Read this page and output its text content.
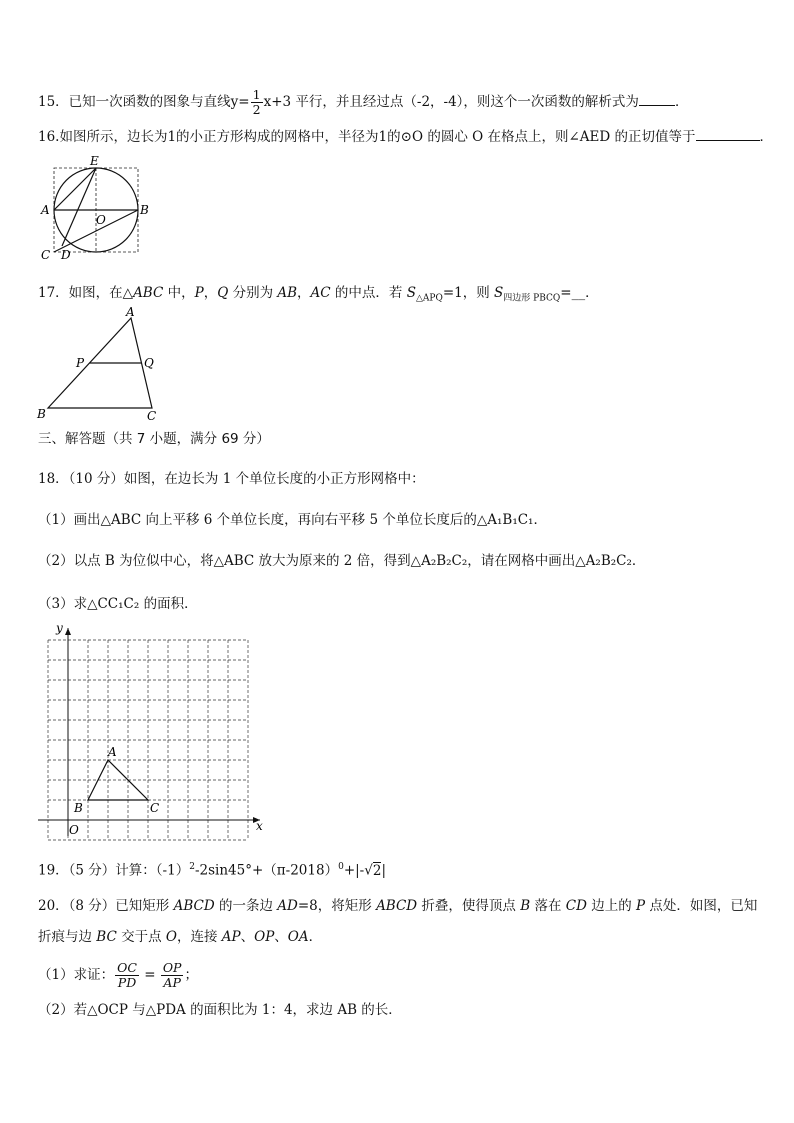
15．已知一次函数的图象与直线$y= \frac{1}{2} x+3$ 平行，并且经过点（-2，-4），则这个一次函数的解析式为	．
16.如图所示，边长为1的小正方形构成的网格中，半径为1的⊙O 的圆心 O 在格点上，则∠AED 的正切值等于	．
E
A	B
O
C D
17．如图，在△ABC 中，P，Q 分别为 AB，AC 的中点．若 $S_{\triangle APQ}=1$，则 $S_{四边形 PBCQ}=\_\_$．
A
P	Q
B	C
三、解答题（共 7 小题，满分 69 分）
18．（10 分）如图，在边长为 1 个单位长度的小正方形网格中：
（1）画出△ABC 向上平移 6 个单位长度，再向右平移 5 个单位长度后的△A₁B₁C₁．
（2）以点 B 为位似中心，将△ABC 放大为原来的 2 倍，得到△A₂B₂C₂，请在网格中画出△A₂B₂C₂．
（3）求△CC₁C₂ 的面积．
y
x
O
A
B	C
19．（5 分）计算：$(-1)^2-2\sin 45^\circ+(\pi-2018)^0+|-√2|$
20．（8 分）已知矩形 ABCD 的一条边 AD=8，将矩形 ABCD 折叠，使得顶点 B 落在 CD 边上的 P 点处．如图，已知
折痕与边 BC 交于点 O，连接 AP、OP、OA．
（1）求证： $\frac{OC}{PD} = \frac{OP}{AP}$ ；
（2）若△OCP 与△PDA 的面积比为 1：4，求边 AB 的长．
